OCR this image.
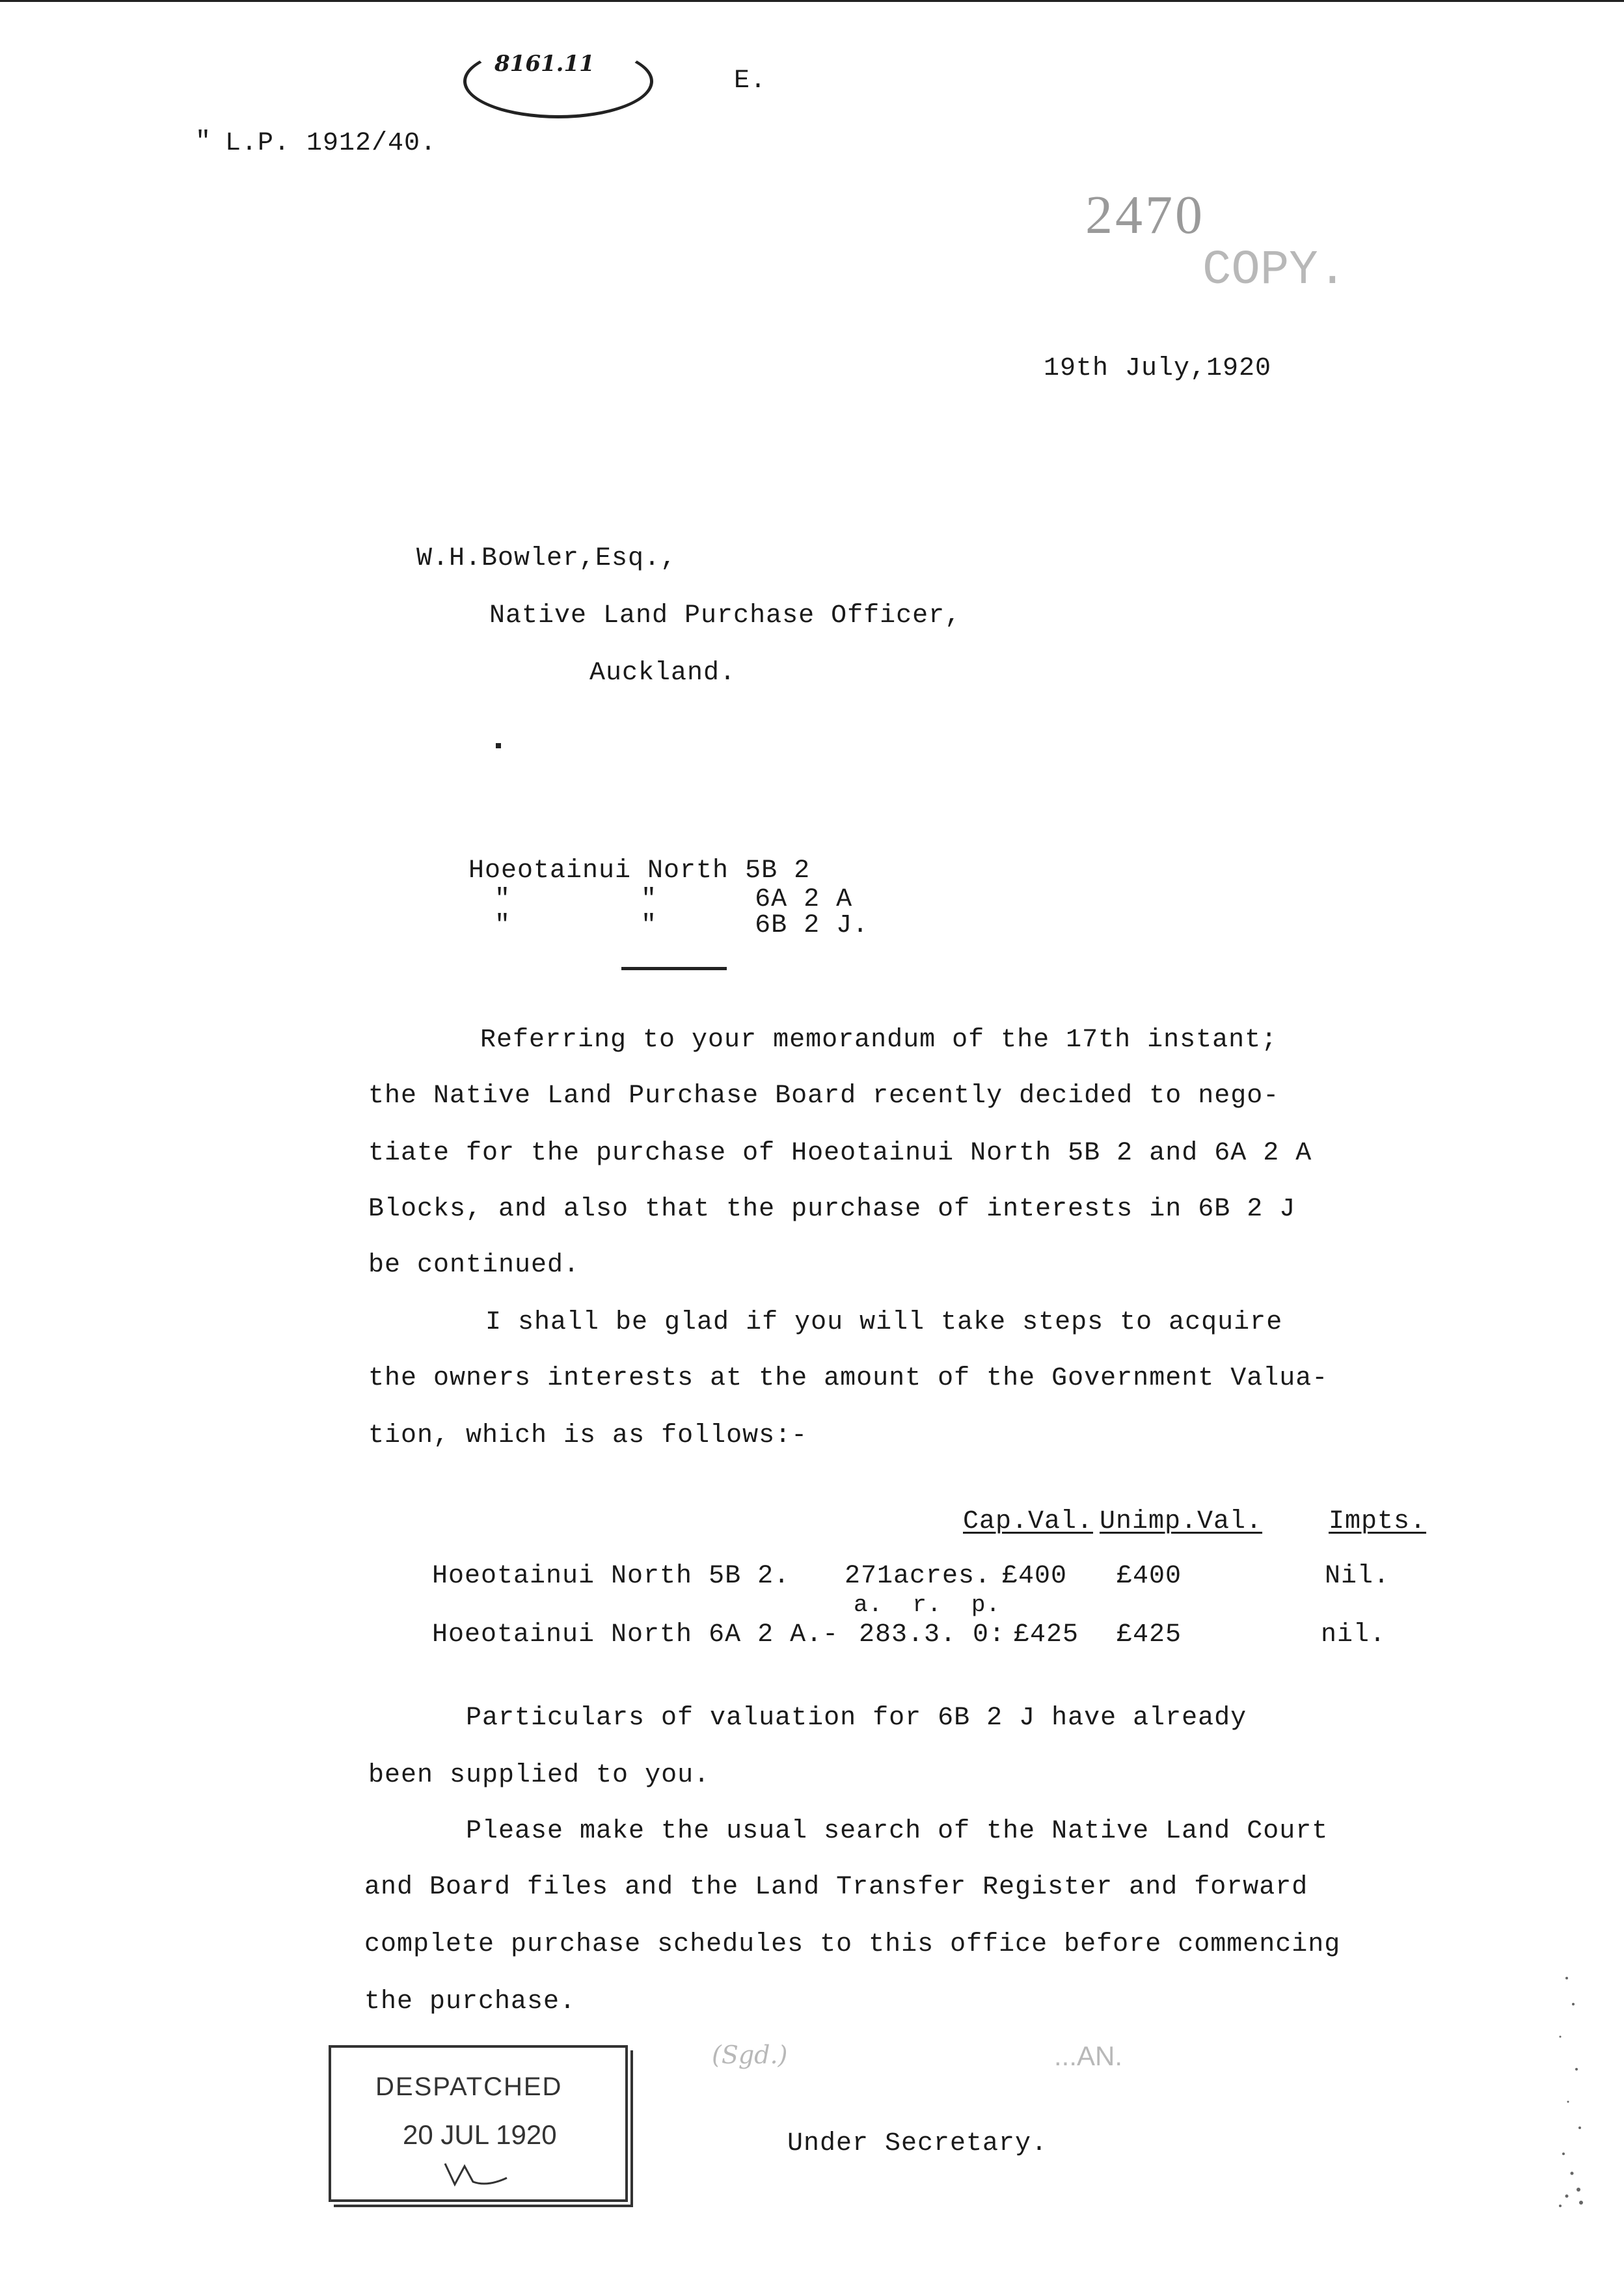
8161.11
E.
" L.P. 1912/40.
2470
COPY.
19th July,1920
W.H.Bowler,Esq.,
Native Land Purchase Officer,
Auckland.
Hoeotainui North 5B 2
"        "      6A 2 A
"        "      6B 2 J.
Referring to your memorandum of the 17th instant;
the Native Land Purchase Board recently decided to nego-
tiate for the purchase of Hoeotainui North 5B 2 and 6A 2 A
Blocks, and also that the purchase of interests in 6B 2 J
be continued.
I shall be glad if you will take steps to acquire
the owners interests at the amount of the Government Valua-
tion, which is as follows:-
Cap.Val. Unimp.Val.	Impts.
Hoeotainui North 5B 2. 271acres. £400 £400	Nil.
a.  r.  p.
Hoeotainui North 6A 2 A.- 283.3. 0: £425 £425	nil.
Particulars of valuation for 6B 2 J have already
been supplied to you.
Please make the usual search of the Native Land Court
and Board files and the Land Transfer Register and forward
complete purchase schedules to this office before commencing
the purchase.
(Sgd.)	...AN.
Under Secretary.
DESPATCHED
20 JUL 1920
